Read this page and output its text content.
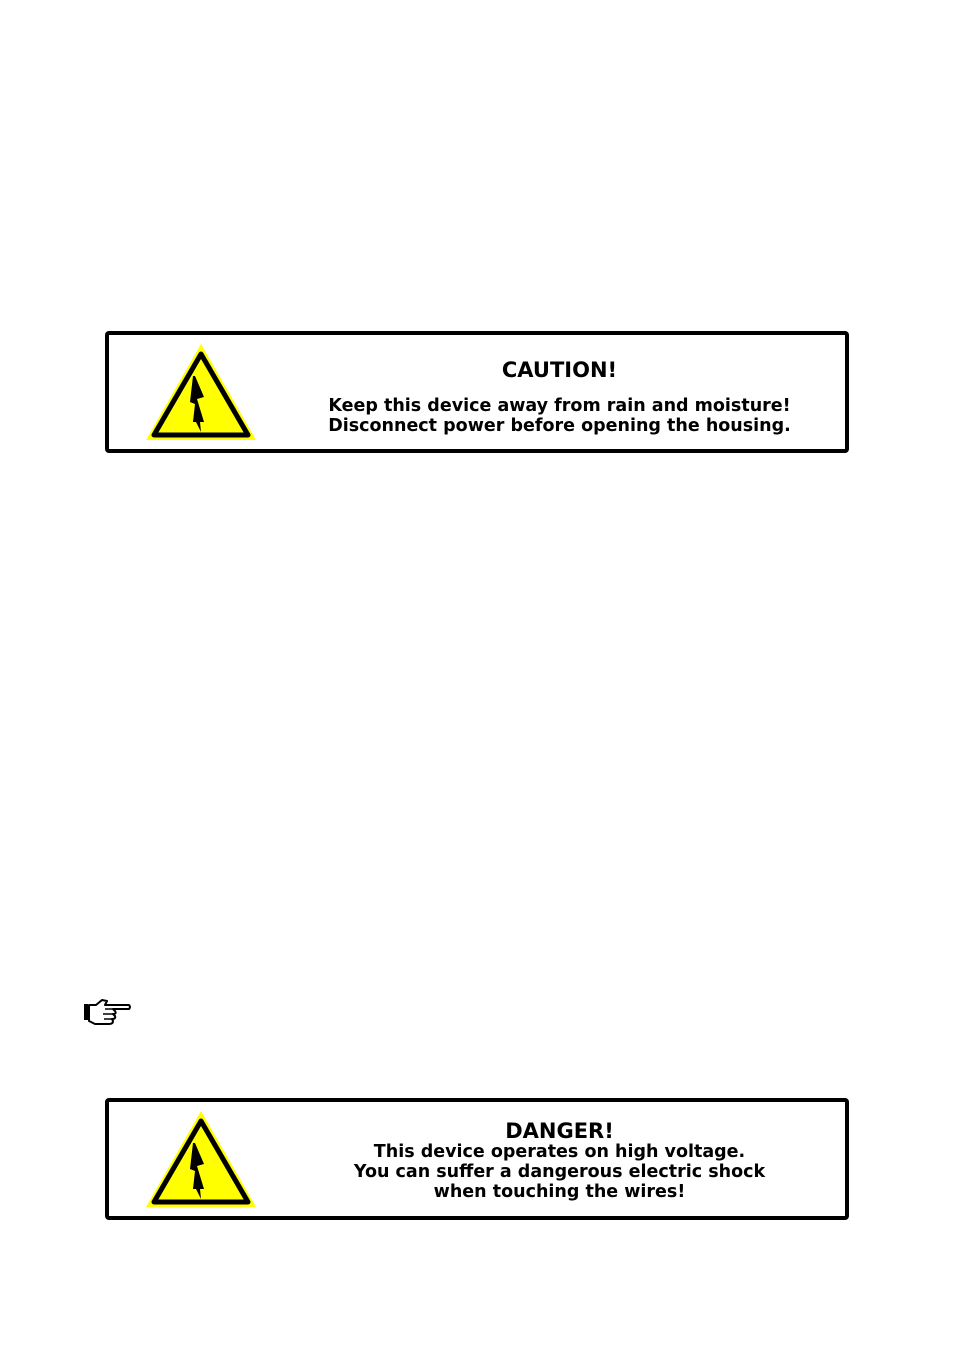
CAUTION!
Keep this device away from rain and moisture!
Disconnect power before opening the housing.
DANGER!
This device operates on high voltage.
You can suffer a dangerous electric shock
when touching the wires!
